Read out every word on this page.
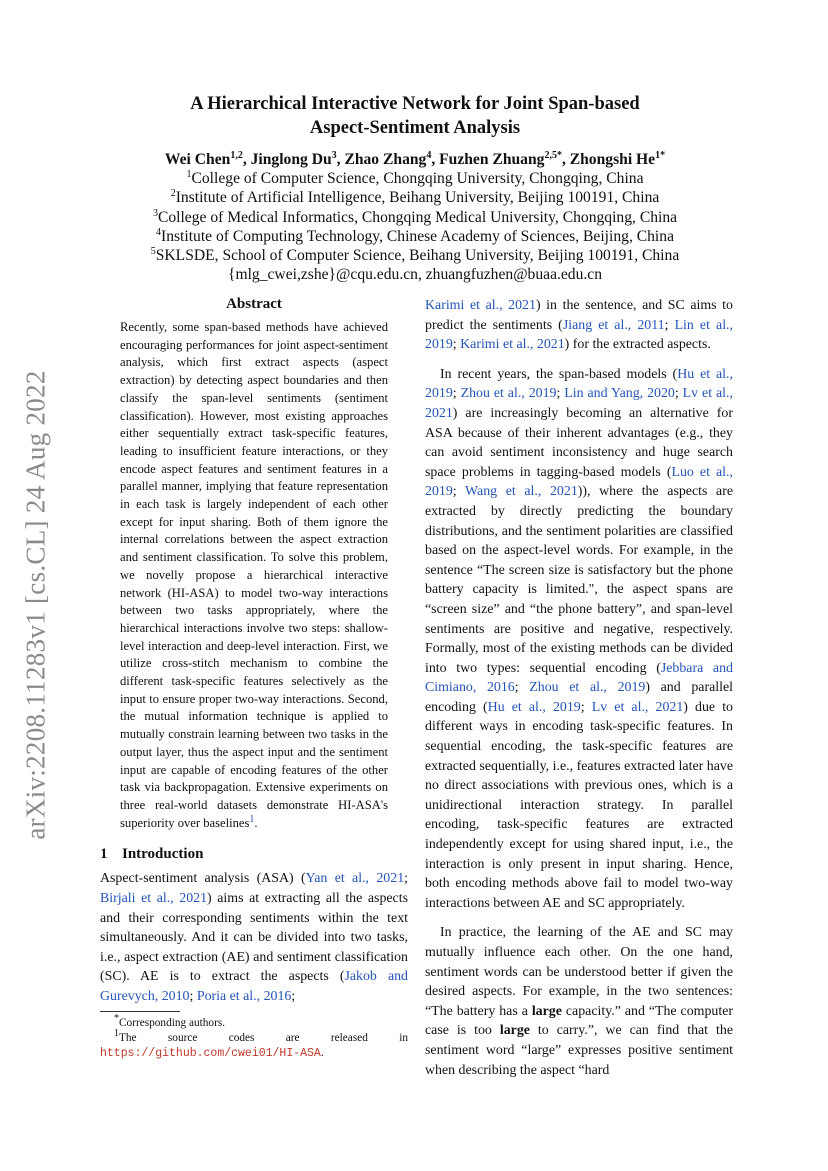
arXiv:2208.11283v1 [cs.CL] 24 Aug 2022
A Hierarchical Interactive Network for Joint Span-based
Aspect-Sentiment Analysis
Wei Chen$^{1,2}$, Jinglong Du$^3$, Zhao Zhang$^4$, Fuzhen Zhuang$^{2,5*}$, Zhongshi $He^{1*}$
$^1$College of Computer Science, Chongqing University, Chongqing, China
$^2$Institute of Artificial Intelligence, Beihang University, Beijing 100191, China
$^3$College of Medical Informatics, Chongqing Medical University, Chongqing, China
$^4$Institute of Computing Technology, Chinese Academy of Sciences, Beijing, China
$^5$SKLSDE, School of Computer Science, Beihang University, Beijing 100191, China
{mlg_cwei,zshe}@cqu.edu.cn, zhuangfuzhen@buaa.edu.cn
Abstract

Recently, some span-based methods have achieved encouraging performances for joint aspect-sentiment analysis, which first extract aspects (aspect extraction) by detecting aspect boundaries and then classify the span-level sentiments (sentiment classification). However, most existing approaches either sequentially extract task-specific features, leading to insufficient feature interactions, or they encode aspect features and sentiment features in a parallel manner, implying that feature representation in each task is largely independent of each other except for input sharing. Both of them ignore the internal correlations between the aspect extraction and sentiment classification. To solve this problem, we novelly propose a hierarchical interactive network (HI-ASA) to model two-way interactions between two tasks appropriately, where the hierarchical interactions involve two steps: shallow-level interaction and deep-level interaction. First, we utilize cross-stitch mechanism to combine the different task-specific features selectively as the input to ensure proper two-way interactions. Second, the mutual information technique is applied to mutually constrain learning between two tasks in the output layer, thus the aspect input and the sentiment input are capable of encoding features of the other task via backpropagation. Extensive experiments on three real-world datasets demonstrate HI-ASA's superiority over baselines$^1$.

1 Introduction

Aspect-sentiment analysis (ASA) (Yan et al., 2021; Birjali et al., 2021) aims at extracting all the aspects and their corresponding sentiments within the text simultaneously. And it can be divided into two tasks, i.e., aspect extraction (AE) and sentiment classification (SC). AE is to extract the aspects (Jakob and Gurevych, 2010; Poria et al., 2016;

*Corresponding authors.

$^1$The source codes are released in https://github.com/cwei01/HI-ASA.

Karimi et al., 2021) in the sentence, and SC aims to predict the sentiments (Jiang et al., 2011; Lin et al., 2019; Karimi et al., 2021) for the extracted aspects.

In recent years, the span-based models (Hu et al., 2019; Zhou et al., 2019; Lin and Yang, 2020; Lv et al., 2021) are increasingly becoming an alternative for ASA because of their inherent advantages (e.g., they can avoid sentiment inconsistency and huge search space problems in tagging-based models (Luo et al., 2019; Wang et al., 2021)), where the aspects are extracted by directly predicting the boundary distributions, and the sentiment polarities are classified based on the aspect-level words. For example, in the sentence “The screen size is satisfactory but the phone battery capacity is limited.", the aspect spans are “screen size” and “the phone battery”, and span-level sentiments are positive and negative, respectively. Formally, most of the existing methods can be divided into two types: sequential encoding (Jebbara and Cimiano, 2016; Zhou et al., 2019) and parallel encoding (Hu et al., 2019; Lv et al., 2021) due to different ways in encoding task-specific features. In sequential encoding, the task-specific features are extracted sequentially, i.e., features extracted later have no direct associations with previous ones, which is a unidirectional interaction strategy. In parallel encoding, task-specific features are extracted independently except for using shared input, i.e., the interaction is only present in input sharing. Hence, both encoding methods above fail to model two-way interactions between AE and SC appropriately.

In practice, the learning of the AE and SC may mutually influence each other. On the one hand, sentiment words can be understood better if given the desired aspects. For example, in the two sentences: “The battery has a large capacity.” and “The computer case is too large to carry.”, we can find that the sentiment word “large” expresses positive sentiment when describing the aspect “hard
